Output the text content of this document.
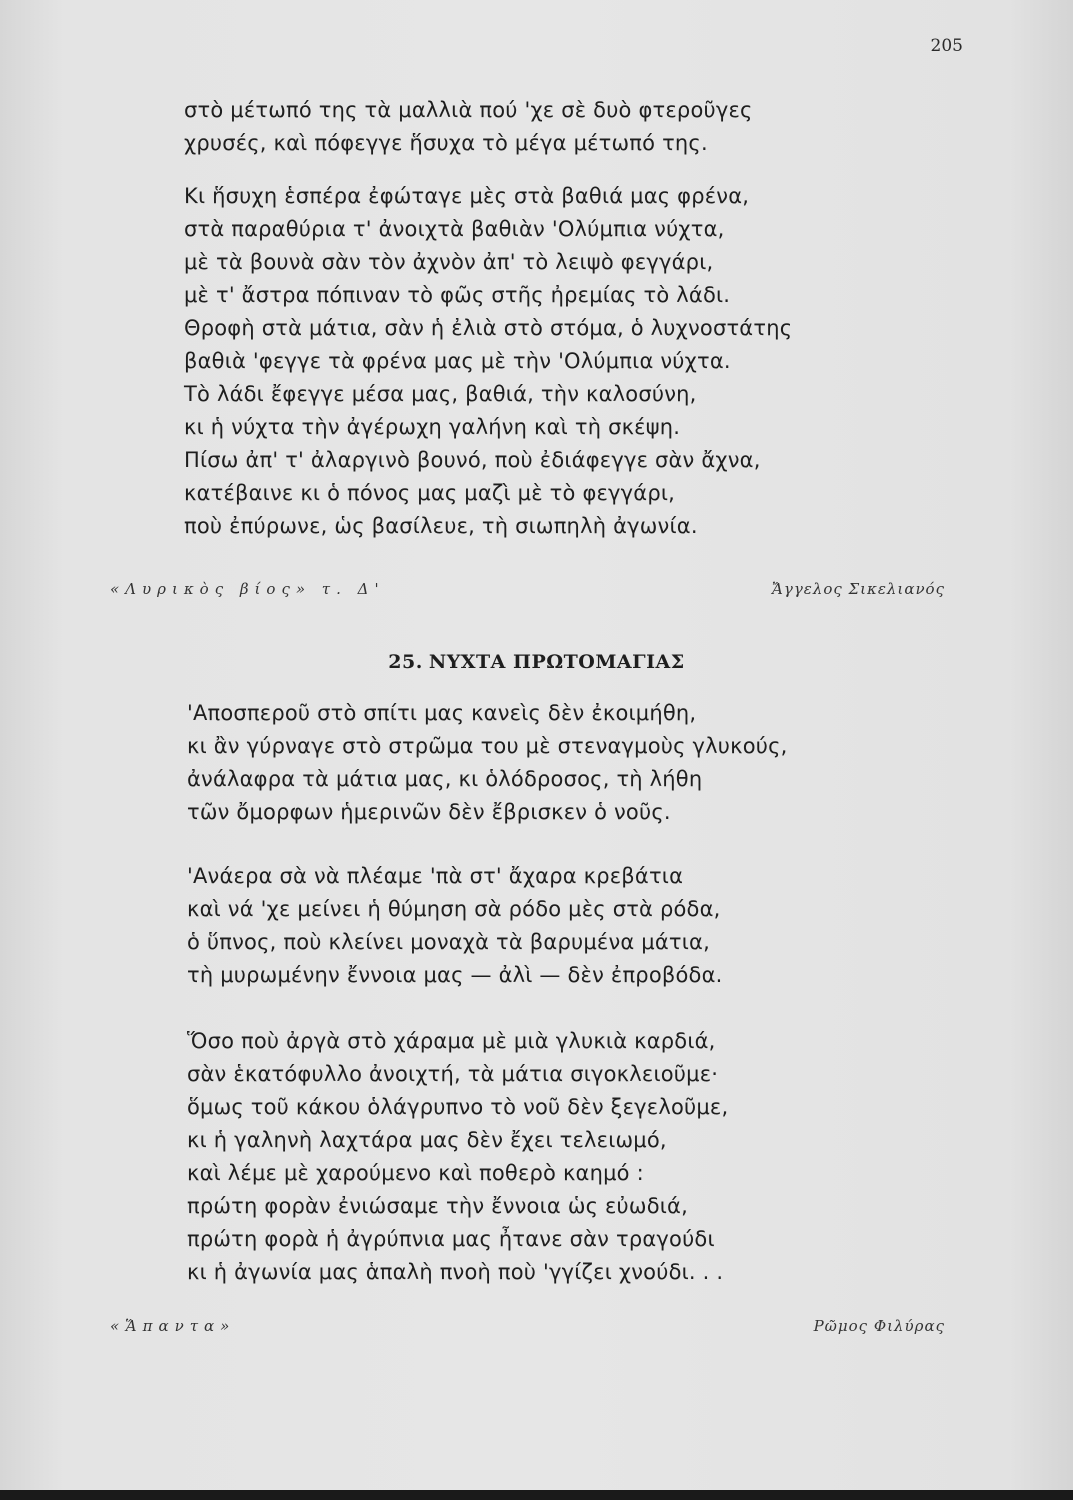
205
στὸ μέτωπό της τὰ μαλλιὰ πού 'χε σὲ δυὸ φτεροῦγες
χρυσές, καὶ πόφεγγε ἥσυχα τὸ μέγα μέτωπό της.
Κι ἥσυχη ἑσπέρα ἐφώταγε μὲς στὰ βαθιά μας φρένα,
στὰ παραθύρια τ' ἀνοιχτὰ βαθιὰν 'Ολύμπια νύχτα,
μὲ τὰ βουνὰ σὰν τὸν ἀχνὸν ἀπ' τὸ λειψὸ φεγγάρι,
μὲ τ' ἄστρα πόπιναν τὸ φῶς στῆς ἠρεμίας τὸ λάδι.
Θροφὴ στὰ μάτια, σὰν ἡ ἐλιὰ στὸ στόμα, ὁ λυχνοστάτης
βαθιὰ 'φεγγε τὰ φρένα μας μὲ τὴν 'Ολύμπια νύχτα.
Τὸ λάδι ἔφεγγε μέσα μας, βαθιά, τὴν καλοσύνη,
κι ἡ νύχτα τὴν ἀγέρωχη γαλήνη καὶ τὴ σκέψη.
Πίσω ἀπ' τ' ἀλαργινὸ βουνό, ποὺ ἐδιάφεγγε σὰν ἄχνα,
κατέβαινε κι ὁ πόνος μας μαζὶ μὲ τὸ φεγγάρι,
ποὺ ἐπύρωνε, ὡς βασίλευε, τὴ σιωπηλὴ ἀγωνία.
«Λυρικὸς βίος» τ. Δ'	Ἄγγελος Σικελιανός
25. ΝΥΧΤΑ ΠΡΩΤΟΜΑΓΙΑΣ
'Αποσπεροῦ στὸ σπίτι μας κανεὶς δὲν ἐκοιμήθη,
κι ἂν γύρναγε στὸ στρῶμα του μὲ στεναγμοὺς γλυκούς,
ἀνάλαφρα τὰ μάτια μας, κι ὁλόδροσος, τὴ λήθη
τῶν ὄμορφων ἡμερινῶν δὲν ἔβρισκεν ὁ νοῦς.
'Ανάερα σὰ νὰ πλέαμε 'πὰ στ' ἄχαρα κρεβάτια
καὶ νά 'χε μείνει ἡ θύμηση σὰ ρόδο μὲς στὰ ρόδα,
ὁ ὕπνος, ποὺ κλείνει μοναχὰ τὰ βαρυμένα μάτια,
τὴ μυρωμένην ἔννοια μας — ἀλὶ — δὲν ἐπροβόδα.
Ὅσο ποὺ ἀργὰ στὸ χάραμα μὲ μιὰ γλυκιὰ καρδιά,
σὰν ἑκατόφυλλο ἀνοιχτή, τὰ μάτια σιγοκλειοῦμε·
ὅμως τοῦ κάκου ὁλάγρυπνο τὸ νοῦ δὲν ξεγελοῦμε,
κι ἡ γαληνὴ λαχτάρα μας δὲν ἔχει τελειωμό,
καὶ λέμε μὲ χαρούμενο καὶ ποθερὸ καημό :
πρώτη φορὰν ἐνιώσαμε τὴν ἔννοια ὡς εὐωδιά,
πρώτη φορὰ ἡ ἀγρύπνια μας ἦτανε σὰν τραγούδι
κι ἡ ἀγωνία μας ἁπαλὴ πνοὴ ποὺ 'γγίζει χνούδι. . .
«Ἅπαντα»	Ρῶμος Φιλύρας
